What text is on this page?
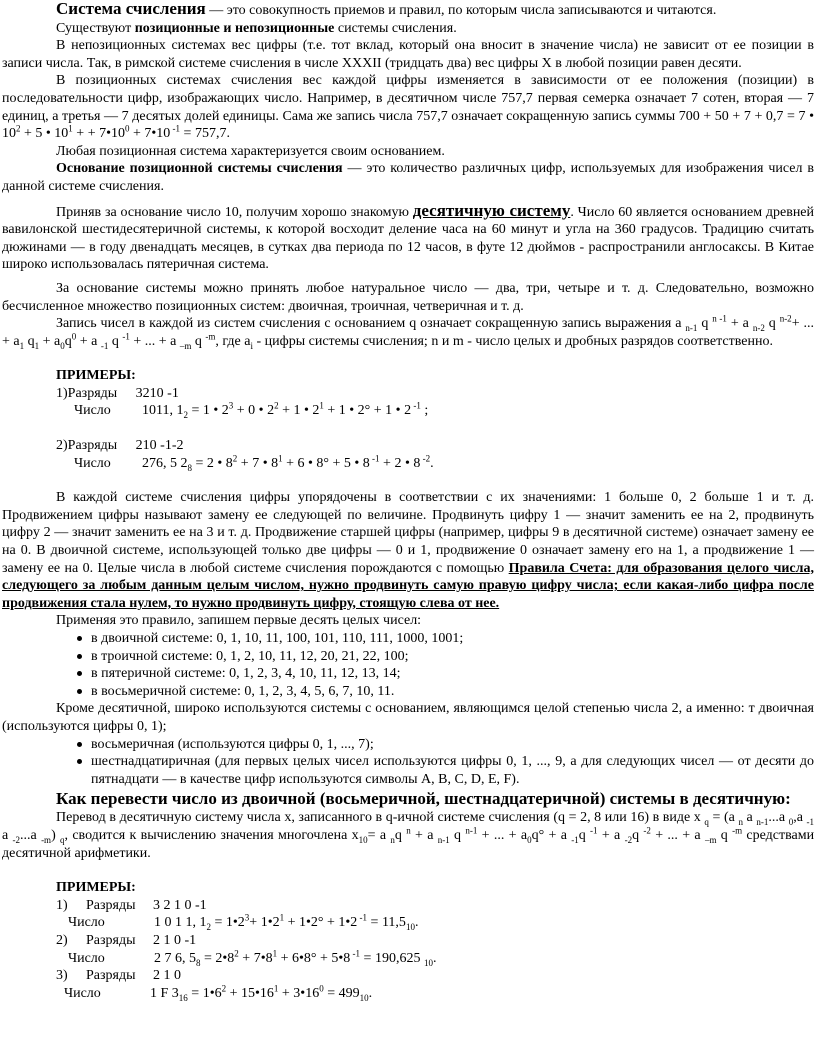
Система счисления — это совокупность приемов и правил, по которым числа записываются и читаются.

Существуют позиционные и непозиционные системы счисления.

В непозиционных системах вес цифры (т.е. тот вклад, который она вносит в значение числа) не зависит от ее позиции в записи числа. Так, в римской системе счисления в числе XXXII (тридцать два) вес цифры X в любой позиции равен десяти.

В позиционных системах счисления вес каждой цифры изменяется в зависимости от ее положения (позиции) в последовательности цифр, изображающих число. Например, в десятичном числе 757,7 первая семерка означает 7 сотен, вторая — 7 единиц, а третья — 7 десятых долей единицы. Сама же запись числа 757,7 означает сокращенную запись суммы 700 + 50 + 7 + 0,7 = 7 • $10^2 + 5$ • $10^1$ + + $7•10^0$ + 7•10 $^{-1}$ = 757,7.

Любая позиционная система характеризуется своим основанием.

Основание позиционной системы счисления — это количество различных цифр, используемых для изображения чисел в данной системе счисления.

Приняв за основание число 10, получим хорошо знакомую десятичную систему. Число 60 является основанием древней вавилонской шестидесятеричной системы, к которой восходит деление часа на 60 минут и угла на 360 градусов. Традицию считать дюжинами — в году двенадцать месяцев, в сутках два периода по 12 часов, в футе 12 дюймов - распространили англосаксы. В Китае широко использовалась пятеричная система.

За основание системы можно принять любое натуральное число — два, три, четыре и т. д. Следовательно, возможно бесчисленное множество позиционных систем: двоичная, троичная, четверичная и т. д.

Запись чисел в каждой из систем счисления с основанием q означает сокращенную запись выражения a $_{n-1}$ q $^{n -1}$ + a $_{n-2}$ q $^{n-2}$+ ... + $a_1$ $q_1 + a_0q^0 + a$ $_{-1}$ q $^{-1}$ + ... + a $_{-m}$ q $^{-m}$, где $a_i$ - цифры системы счисления; n и m - число целых и дробных разрядов соответственно.

ПРИМЕРЫ:

1)Разряды 3210 -1
Число 1011, $1_2 = 1$ • $2^3 + 0$ • $2^2 + 1$ • $2^1 + 1$ • 2° + 1 • 2 $^{-1}$ ;
2)Разряды 210 -1-2
Число 276, 5 $2_8 = 2$ • $8^2 + 7$ • $8^1 + 6$ • 8° + 5 • 8 $^{-1}$ + 2 • 8 $^{-2}$.

В каждой системе счисления цифры упорядочены в соответствии с их значениями: 1 больше 0, 2 больше 1 и т. д. Продвижением цифры называют замену ее следующей по величине. Продвинуть цифру 1 — значит заменить ее на 2, продвинуть цифру 2 — значит заменить ее на 3 и т. д. Продвижение старшей цифры (например, цифры 9 в десятичной системе) означает замену ее на 0. В двоичной системе, использующей только две цифры — 0 и 1, продвижение 0 означает замену его на 1, а продвижение 1 — замену ее на 0. Целые числа в любой системе счисления порождаются с помощью Правила Счета: для образования целого числа, следующего за любым данным целым числом, нужно продвинуть самую правую цифру числа; если какая-либо цифра после продвижения стала нулем, то нужно продвинуть цифру, стоящую слева от нее.

Применяя это правило, запишем первые десять целых чисел:

в двоичной системе: 0, 1, 10, 11, 100, 101, 110, 111, 1000, 1001;
в троичной системе: 0, 1, 2, 10, 11, 12, 20, 21, 22, 100;
в пятеричной системе: 0, 1, 2, 3, 4, 10, 11, 12, 13, 14;
в восьмеричной системе: 0, 1, 2, 3, 4, 5, 6, 7, 10, 11.

Кроме десятичной, широко используются системы с основанием, являющимся целой степенью числа 2, а именно: т двоичная (используются цифры 0, 1);

восьмеричная (используются цифры 0, 1, ..., 7);
шестнадцатиричная (для первых целых чисел используются цифры 0, 1, ..., 9, а для следующих чисел — от десяти до пятнадцати — в качестве цифр используются символы A, B, C, D, E, F).

Как перевести число из двоичной (восьмеричной, шестнадцатеричной) системы в десятичную:

Перевод в десятичную систему числа x, записанного в q-ичной системе счисления (q = 2, 8 или 16) в виде x $_q$ = (a $_n$ a $_{n-1}$...a $_0$,a $_{-1}$ a $_{-2}$...a $_{-m}$) $_q$, сводится к вычислению значения многочлена $x_{10}= a$ $_n$q $^n$ + a $_{n-1}$ q $^{n-1}$ + ... + $a_0q^\circ + a$ $_{-1}$q $^{-1}$ + a $_{-2}$q $^{-2}$ + ... + a $_{-m}$ q $^{-m}$ средствами десятичной арифметики.

ПРИМЕРЫ:

1) Разряды 3 2 1 0 -1
Число	1 0 1 1, $1_2$ = $1•2^3+$ $1•2^1$ + 1•2° + 1•2 $^{-1} = 11,5_{10}$.
2) Разряды 2 1 0 -1
Число	2 7 6, $5_8$ = $2•8^2$ + $7•8^1$ + 6•8° + 5•8 $^{-1}$ = 190,625 $_{10}$.
3) Разряды 2 1 0
Число	1 F $3_{16}$ = $1•6^2$ + $15•16^1$ + $3•16^0 = 499_{10}$.
